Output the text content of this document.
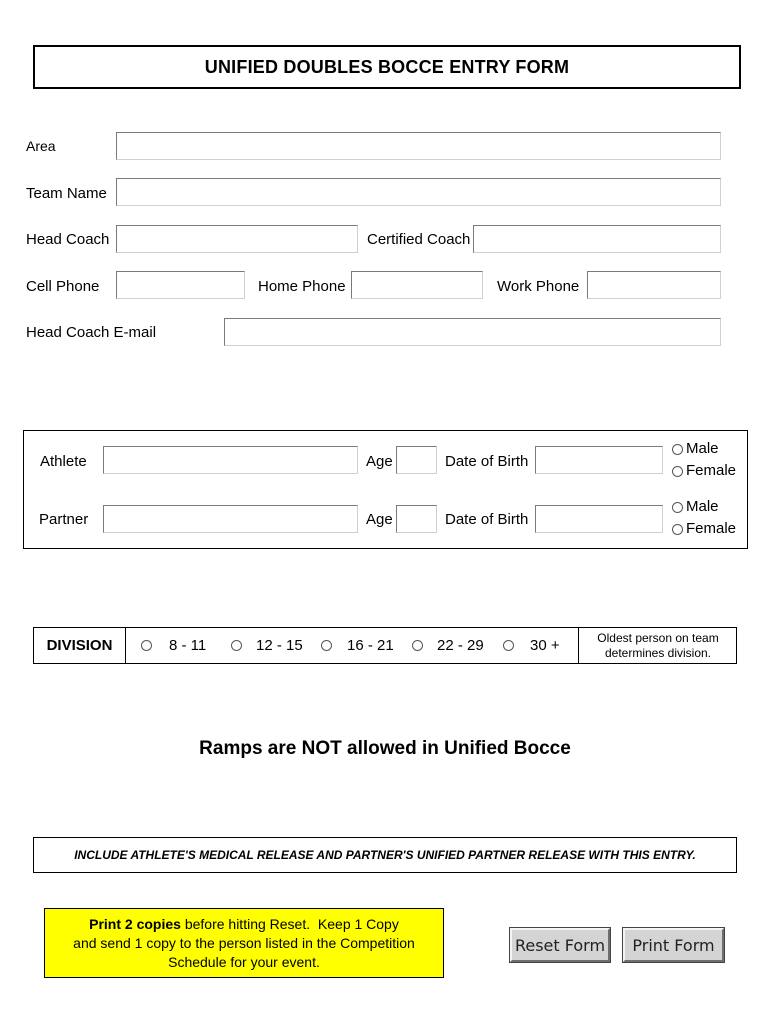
UNIFIED DOUBLES BOCCE ENTRY FORM
Area
Team Name
Head Coach	Certified Coach
Cell Phone	Home Phone	Work Phone
Head Coach E-mail
Athlete	Age	Date of Birth
Male
Female
Partner	Age	Date of Birth
Male
Female
DIVISION	8 - 11	12 - 15	16 - 21	22 - 29	30 +	Oldest person on team
determines division.
Ramps are NOT allowed in Unified Bocce
INCLUDE ATHLETE'S MEDICAL RELEASE AND PARTNER'S UNIFIED PARTNER RELEASE WITH THIS ENTRY.
Print 2 copies before hitting Reset.  Keep 1 Copy
and send 1 copy to the person listed in the Competition
Schedule for your event.
Reset Form	Print Form
